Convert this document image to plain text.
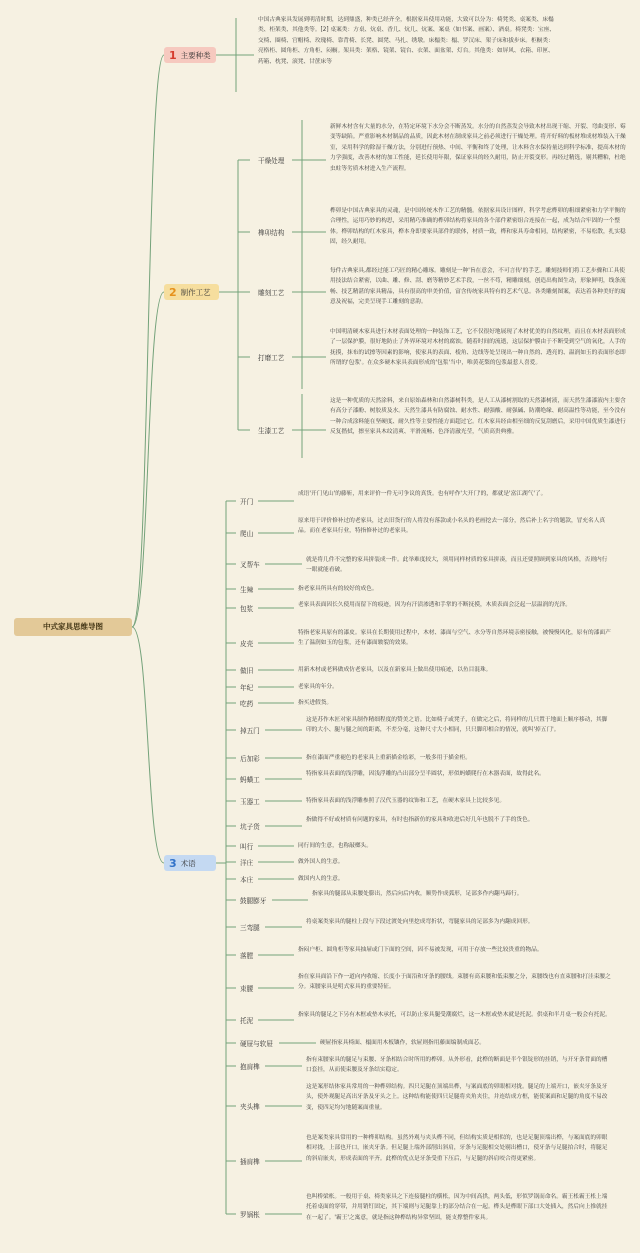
中式家具思维导图
1 主要种类
2 制作工艺
3 术语
中国古典家具发展到明清时期，达到鼎盛，种类已经齐全，根据家具使用功能，大致可以分为：椅凳类、桌案类、床榻类、柜架类、其他类等。[2] 桌案类：方桌、炕桌、香几、炕几、炕案、案桌（如书案、画案）、酒桌。椅凳类：宝座、交椅、圈椅、官帽椅、玫瑰椅、靠背椅、长凳、圆凳、马扎、绣墩。床榻类：榻、罗汉床、架子床和拔步床。柜橱类：亮格柜、圆角柜、方角柜、闷橱。架具类：架格、镜架、镜台、衣架、面盆架、灯台。其他类：如屏风、衣箱、印匣、药箱、枕凳、滚凳、甘蔗床等
干燥处理
新鲜木材含有大量的水分，在特定环境下水分会不断蒸发。水分的自然蒸发会导致木材出现干缩、开裂、弯曲变形、霉变等缺陷。严重影响木材制品的品质，因此木材在制成家具之前必须进行干燥处理。将开好料的板材堆成材堆装入干燥室，采用科学的除湿干燥方法，分别进行预热、中间、平衡和终了处理，让木料含水保持量达到科学标准，提高木材的力学强度，改善木材的加工性能，延长使用年限，保证家具的经久耐用，防止开裂变形。再经过精选，剔其糟粕，杜绝虫蛀等劣质木材进入生产流程。
榫卯结构
榫卯是中国古典家具的灵魂，是中国传统木作工艺的精髓。依据家具设计图样，科学考虑榫卯的粗细紧密和力学平衡的合理性，运用巧妙的构思，采用精巧准确的榫卯结构将家具的各个部件紧密组合连接在一起，成为结合牢固的一个整体。榫卯结构的红木家具，榫本身即要家具部件的联体，材质一致，榫和家具寿命相同，结构紧密，不易松散，扎实稳固，经久耐用。
雕刻工艺
每件古典家具,都经过能工巧匠的精心雕琢。雕刻是一种'旨在意会，不可言传'的手艺。雕刻技师们将工艺步骤和工具使用技法结合紧密，以曲、雕、修、刮、磨等精妙艺术手段，一丝不苟，精雕细刻，创造出构图生动，形象鲜明，线条流畅、技艺精湛的家具精品，具有很高的审美价值，富含传统家具特有的艺术气息。各类雕刻图案，表达着各种美好的寓意及祝福，完美呈现手工雕刻的意韵。
打磨工艺
中国明清硬木家具进行木材表面处理的一种装饰工艺，它不仅很好地展现了木材优美的自然纹理，而且在木材表面形成了一层保护膜，很好地防止了外界环境对木材的腐蚀。随着时间的流逝，这层保护膜由于不断受到空气的氧化，人手的抚摸，抹布的试擦等因素的影响，使家具的表面、棱角、边线等处呈现出一种自然的、透亮的、温润如玉的表面形态即所谓的'包浆'。在众多硬木家具表面形成的'包浆'当中，唯黄花梨的包浆最惹人喜爱。
生漆工艺
这是一种优质的天然涂料，来自原始森林和自然漆树科类，是人工从漆树割取的天然漆树液，而天然生漆漆液内主要含有高分子漆酚、树胶质及水。天然生漆具有防腐蚀、耐水性、耐强酸、耐强碱、防潮绝缘、耐高温性等功能，至今没有一种合成涂料能在坚硬度、耐久性等主要性能方面超过它。红木家具经由相至细的反复刮磨后，采用中国优质生漆进行反复揩拭，擦至家具木纹清爽、平滑流畅、色泽清澈光莹，气质高贵典雅。
开门
成语'开门见山'的藤斩，用来评价一件无可争议的真货。也有呼作'大开门'的，都就是'富江湖气'了。
爬山
原来用于评价修补过的老家具，过去旧货行的人将没有落款或小名头的老画挖去一部分，然后补上名字的题款，冒充名人真品。而在老家具行业，特指修补过的老家具。
叉帮车
就是将几件不完整的家具拼装成一件。此举难度较大，须用同样材质的家具拼凑，而且还要照顾到家具的风格，否则内行一眼就能看破。
生辣	指老家具所具有的较好的成色。
包浆	老家具表面因长久使用而留下的痕迹，因为有汗渍渗透和手掌的不断抚摸，木质表面会泛起一层温润的光泽。
皮壳
特指老家具原有的漆皮。家具在长期使用过程中，木材、漆面与空气、水分等自然环境亲密接触，被慢慢风化，原有的漆面产生了温润如玉的包浆，还有漆面皲裂的效果。
做旧	用新木材或老料做成仿老家具，以及在新家具上做出使用痕迹，以鱼目混珠。
年纪	老家具的年分。
吃药	指买进假货。
掉五门
这是苏作木匠对家具制作精细程度的赞美之语。比如椅子或凳子，在做完之后，将同样的几只置于地面上顺序移动，其脚印的大小、腿与腿之间的距离，不差分毫，这种尺寸大小相同，只只脚印相合的情况，就叫'掉五门'。
后加彩	指在漆面严重褪色的老家具上重新描金绘彩，一般多用于描金柜。
蚂蟥工
特指家具表面的浅浮雕，因浅浮雕的凸出部分呈半圆状，形似蚂蟥爬行在木器表面，故得此名。
玉器工	特指家具表面的浅浮雕参照了汉代玉器的纹饰和工艺，在硬木家具上比较多见。
坑子货
指做得不好或材质有问题的家具，有时也指新仿的家具和收进后好几年也脱不了手的货色。
叫行	同行间的生意，也称敲榔头。
洋庄	做外国人的生意。
本庄	做国内人的生意。
鼓腿膨牙
指家具的腿部从束腰处膨出，然后向后内收，顺势作成弧形，足部多作内翻马蹄行。
三弯腿
将桌案类家具的腿柱上段与下段过渡处向里挖成弯折状，弯腿家具的足部多为内翻成回形。
落膛
指闷户柜、圆角柜等家具抽屉或门下面的空间，因不易被发现，可用于存放一些比较贵重的物品。
束腰
指在家具面沿下作一道向内收缩、长度小于面沿和牙条的腰线。束腰有高束腰和低束腰之分，束腰线也有直束腰和打洼束腰之分。束腰家具是明式家具的重要特征。
托泥
指家具的腿足之下另有木框或垫木承托，可以防止家具腿受潮腐烂，这一木框或垫木就是托泥。供桌和半月桌一般会有托泥。
硬屉与软屉	硬屉指家具椅面、榻面用木板镶作，软屉则指用藤面编制成面芯。
抱肩榫
指有束腰家具的腿足与束腰、牙条相结合时所用的榫卯。从外形看，此榫的断面是半个银锭形的挂销，与开牙条背面的槽口套挂，从而使束腰及牙条结实稳定。
夹头榫
这是案形结体家具常用的一种榫卯结构。四只足腿在顶端出榫，与案面底的卯眼相对拢。腿足的上端开口，嵌夹牙条及牙头，使外观腿足高出牙条及牙头之上。这种结构能使四只足腿将夹角夹住，并连结成方框，能使案面和足腿的角度不易改变，使四足均匀地随案面重量。
插肩榫
也是案类家具常用的一种榫卯结构。虽然外观与夹头榫不同，但结构实质是相似的，也是足腿顶端出榫，与案面底的卯眼相对拢，上部也开口，嵌夹牙条。但足腿上端外部削出斜肩，牙条与足腿相交处剔出槽口，使牙条与足腿拍合时，将腿足的斜肩嵌夹，形成表面的平齐。此榫的优点是牙条受重下压后，与足腿的斜肩咬合得更紧密。
罗锅枨
也叫桥梁枨。一般用于桌、椅类家具之下连接腿柱的横枨，因为中间高拱，两头低，形似罗锅而命名。霸王枨霸王枨上端托着桌面的穿带，并用销钉固定，其下端则与足腿靠上的部分结合在一起。榫头是榫眼下部口大处插入，然后向上推就挂在一起了。'霸王'之寓意，就是指这种榫结构异常坚固，能支撑整件家具。
